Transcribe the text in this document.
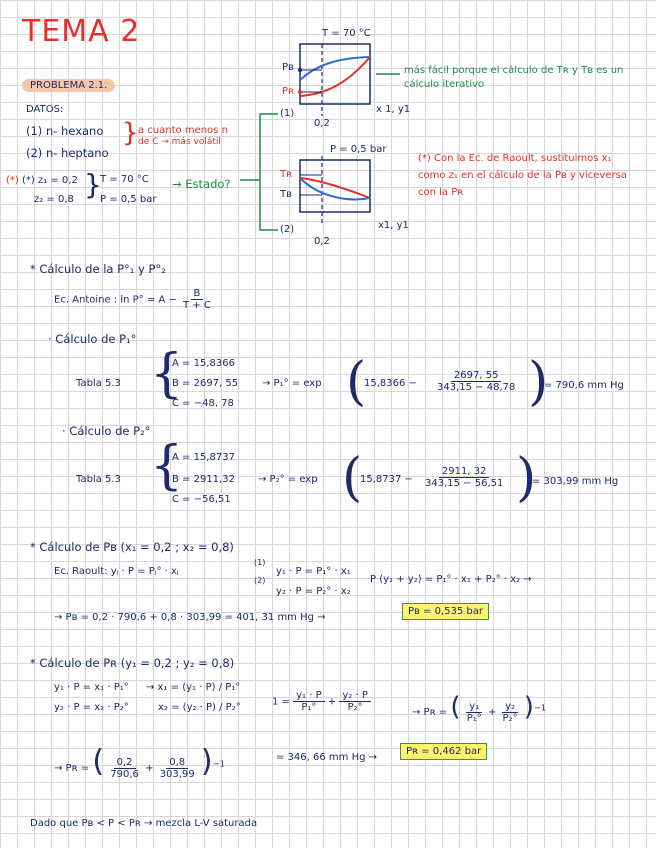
TEMA 2
PROBLEMA 2.1.
DATOS:
(1) n- hexano
(2) n- heptano
} a cuanto menos n
de C → más volátil
(*) (*) z₁ = 0,2
z₂ = 0,8 }
T = 70 °C
P = 0,5 bar
→ Estado?
T = 70 °C
Pʙ
Pʀ
(1)
0,2
x 1, y1
más fácil porque el cálculo de Tʀ y Tʙ es un cálculo iterativo
P = 0,5 bar
Tʀ
Tʙ
(2)
0,2
x1, y1
(*) Con la Ec. de Raoult, sustituimos x₁ como z₁ en el cálculo de la Pʙ y viceversa con la Pʀ
* Cálculo de la P°₁ y P°₂
Ec. Antoine : $\ln P^\circ = A - \frac{B}{T + C}$
· Cálculo de P₁°
Tabla 5.3 {
A = 15,8366
B = 2697, 55
C = −48, 78
→ P₁° = exp (
$15,8366 - \frac{2697, 55}{343,15 - 48,78}$ )
= 790,6 mm Hg
· Cálculo de P₂°
Tabla 5.3 {
A = 15,8737
B = 2911,32
C = −56,51
→ P₂° = exp (
$15,8737 - \frac{2911, 32}{343,15 - 56,51}$ )
= 303,99 mm Hg
* Cálculo de Pʙ (x₁ = 0,2 ; x₂ = 0,8)
Ec. Raoult: yⱼ · P = Pⱼ° · xⱼ
(1)
(2)
y₁ · P = P₁° · x₁
y₂ · P = P₂° · x₂
P (y₁ + y₂) = P₁° · x₁ + P₂° · x₂ →
→ Pʙ = 0,2 · 790,6 + 0,8 · 303,99 = 401, 31 mm Hg →
Pʙ = 0,535 bar
* Cálculo de Pʀ (y₁ = 0,2 ; y₂ = 0,8)
y₁ · P = x₁ · P₁°
y₂ · P = x₂ · P₂°
→ x₁ = (y₁ · P) / P₁°
x₂ = (y₂ · P) / P₂°	$1 = \frac{\text{y₁ · P}}{\text{P₁°}} + \frac{\text{y₂ · P}}{\text{P₂°}}$	→ Pʀ = ( $\frac{\text{y₁}}{\text{P₁°}} + \frac{\text{y₂}}{\text{P₂°}} )^{-1}$
→ Pʀ = ( $\frac{0,2}{790,6} + \frac{0,8}{303,99} )^{-1}$
= 346, 66 mm Hg →
Pʀ = 0,462 bar
Dado que Pʙ < P < Pʀ → mezcla L-V saturada
